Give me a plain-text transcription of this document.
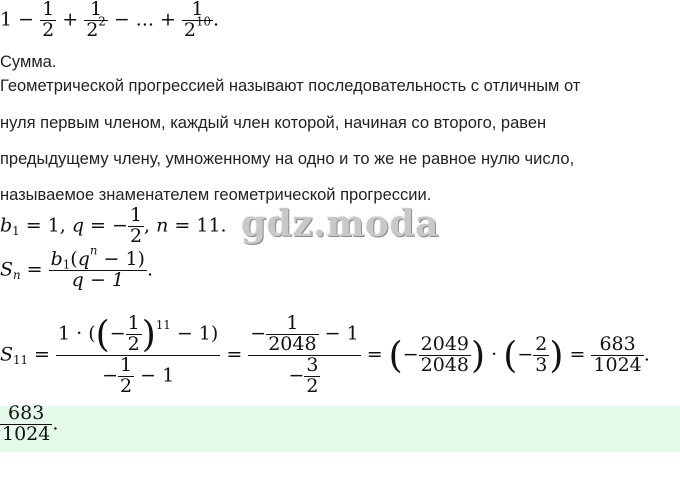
$1 - \frac{1}{2} + \frac{1}{2^2}$ − ... + $\frac{1}{2^{10}}$ .
Сумма.
Геометрической прогрессией называют последовательность с отличным от
нуля первым членом, каждый член которой, начиная со второго, равен
предыдущему члену, умноженному на одно и то же не равное нулю число,
называемое знаменателем геометрической прогрессии.
$b_1 = 1$, q = − $\frac{1}{2}$ , n = 11. gdz.moda
$S_n = \frac{b_1(q^n - 1)}{q - 1}$ .
$S_{11} = \frac{1 \cdot ((- \frac{1}{2} )^{11} - 1)}{- \frac{1}{2} - 1} = \frac{- \frac{1}{2048} - 1}{- \frac{3}{2}}$ = (− $\frac{2049}{2048}$ ) · (− $\frac{2}{3}$ ) = $\frac{683}{1024}$ .
$\frac{683}{1024}$ .
